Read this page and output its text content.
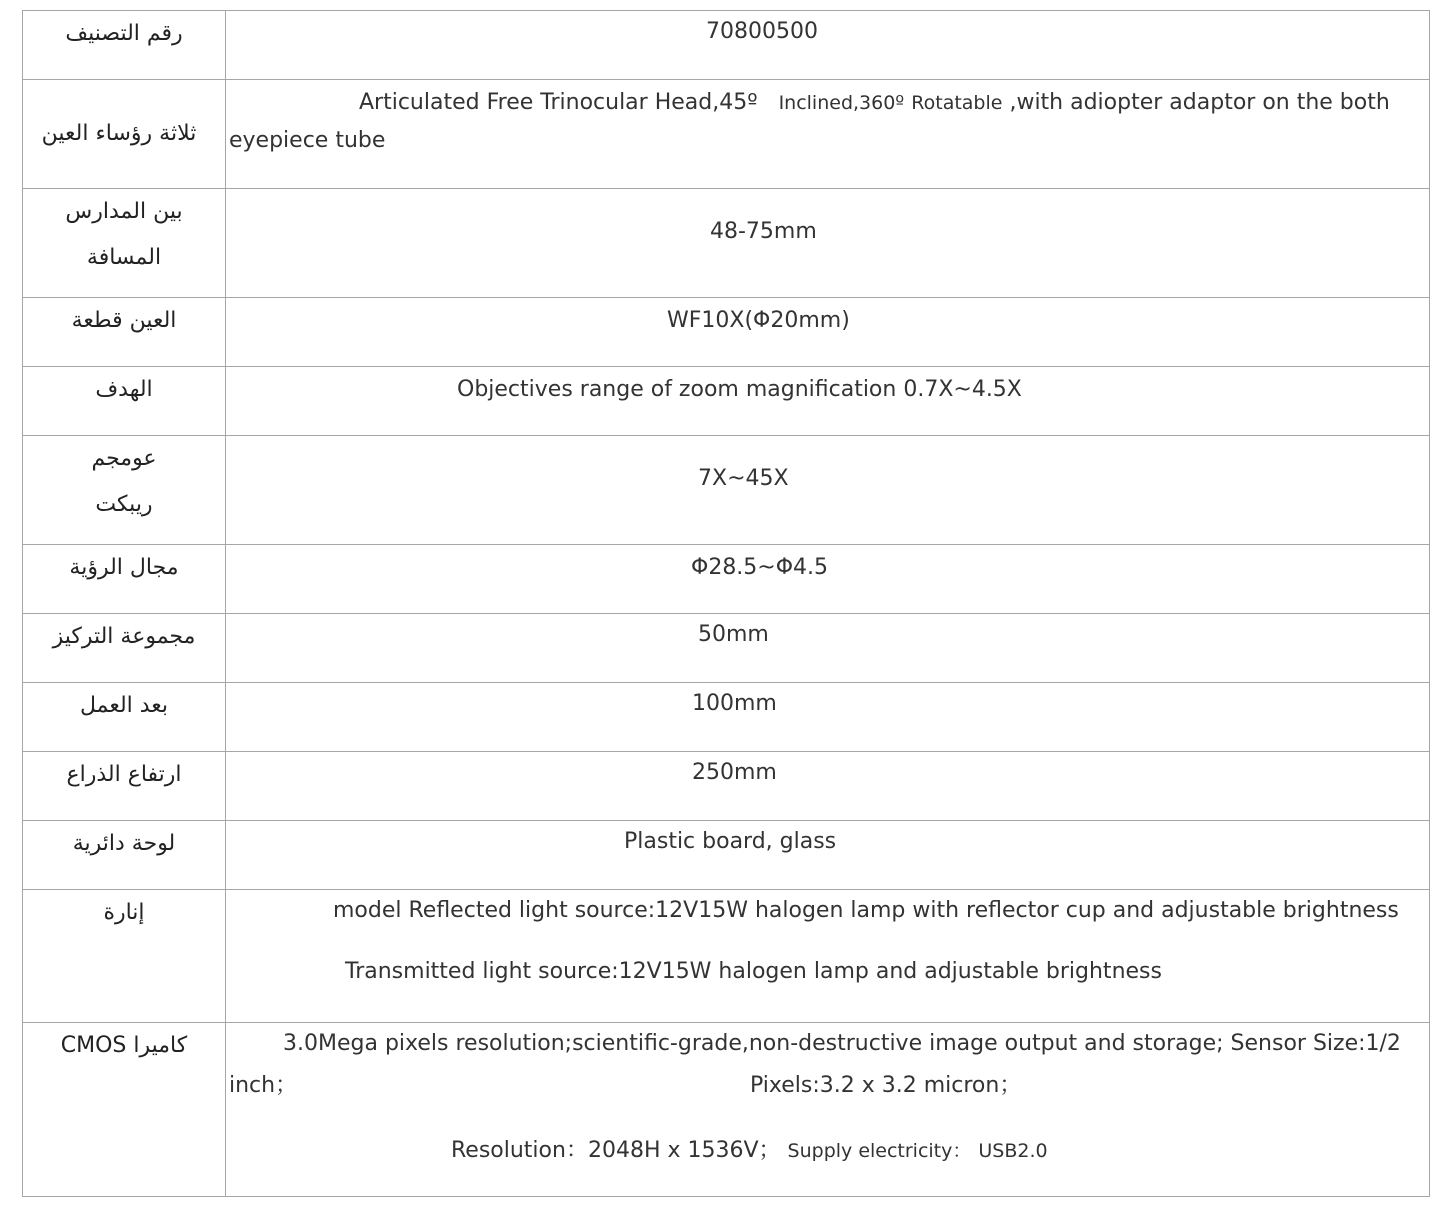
رقم التصنيف	70800500

ثلاثة رؤساء العين	Articulated Free Trinocular Head,45º Inclined,360º Rotatable ,with adiopter adaptor on the both
eyepiece tube

بين المدارس
المسافة	48-75mm

العين قطعة	WF10X(Φ20mm)

الهدف	Objectives range of zoom magnification 0.7X~4.5X

عومجم
ريبكت	7X~45X

مجال الرؤية	Φ28.5~Φ4.5

مجموعة التركيز	50mm

بعد العمل	100mm

ارتفاع الذراع	250mm

لوحة دائرية	Plastic board, glass

إنارة	model Reflected light source:12V15W halogen lamp with reflector cup and adjustable brightness
Transmitted light source:12V15W halogen lamp and adjustable brightness

CMOS كاميرا	3.0Mega pixels resolution;scientific-grade,non-destructive image output and storage; Sensor Size:1/2
inch； Pixels:3.2 x 3.2 micron；
Resolution：2048H x 1536V； Supply electricity： USB2.0
